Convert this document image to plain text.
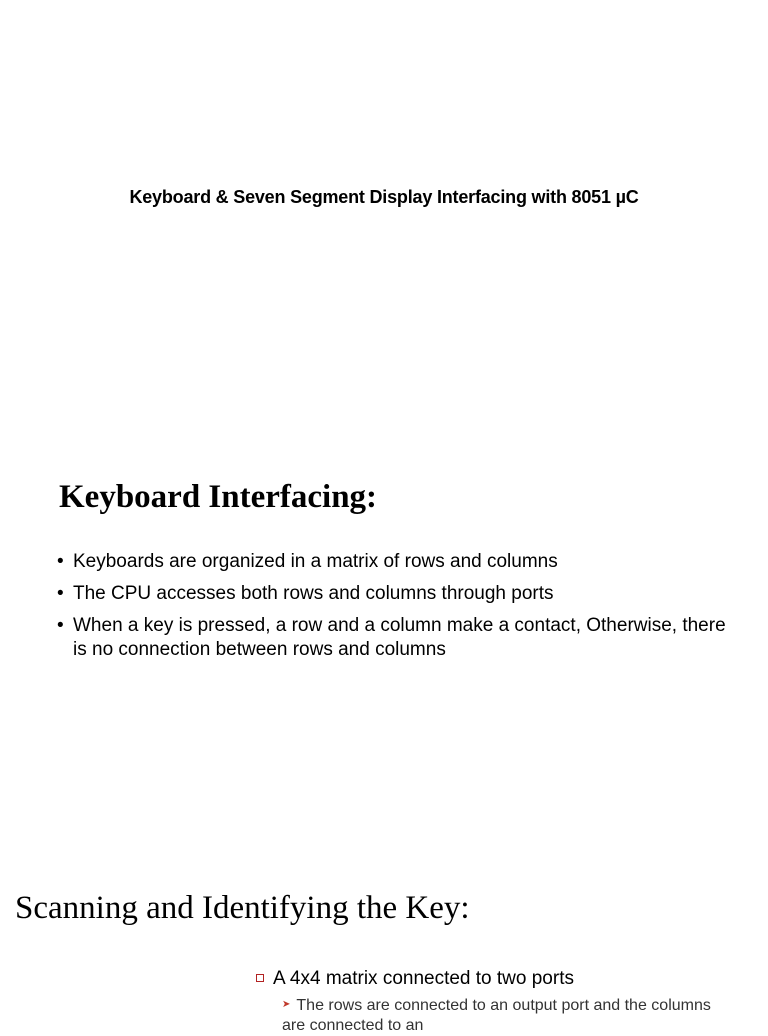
Keyboard & Seven Segment Display Interfacing with 8051 µC
Keyboard Interfacing:
• Keyboards are organized in a matrix of rows and columns
• The CPU accesses both rows and columns through ports
• When a key is pressed, a row and a column make a contact, Otherwise, there is no connection between rows and columns
Scanning and Identifying the Key:
A 4x4 matrix connected to two ports
➤ The rows are connected to an output port and the columns are connected to an
